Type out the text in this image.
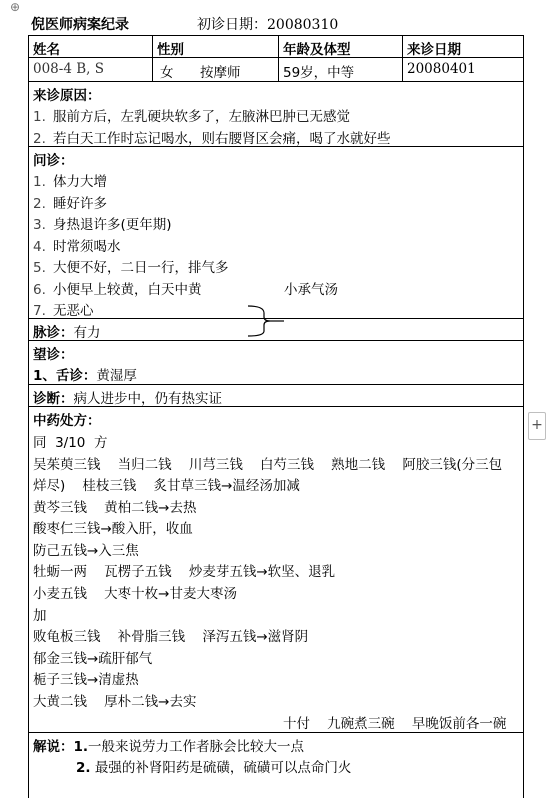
⊕
+
倪医师病案纪录	初诊日期：20080310
姓名	性别	年龄及体型	来诊日期
008-4 B, S	女 按摩师	59岁，中等	20080401
来诊原因：
1. 服前方后，左乳硬块软多了，左腋淋巴肿已无感觉
2. 若白天工作时忘记喝水，则右腰肾区会痛，喝了水就好些
问诊：
1. 体力大增
2. 睡好许多
3. 身热退许多(更年期)
4. 时常须喝水
5. 大便不好，二日一行，排气多
6. 小便早上较黄，白天中黄
7. 无恶心
小承气汤
脉诊：有力
望诊：
1、舌诊：黄湿厚
诊断：病人进步中，仍有热实证
中药处方：
同  3/10  方
吴茱萸三钱    当归二钱    川芎三钱    白芍三钱    熟地二钱    阿胶三钱(分三包
烊尽)    桂枝三钱    炙甘草三钱→温经汤加减
黄芩三钱    黄柏二钱→去热
酸枣仁三钱→酸入肝，收血
防己五钱→入三焦
牡蛎一两    瓦楞子五钱    炒麦芽五钱→软坚、退乳
小麦五钱    大枣十枚→甘麦大枣汤
加
败龟板三钱    补骨脂三钱    泽泻五钱→滋肾阴
郁金三钱→疏肝郁气
栀子三钱→清虚热
大黄二钱    厚朴二钱→去实
十付    九碗煮三碗    早晚饭前各一碗
解说：1.一般来说劳力工作者脉会比较大一点
2. 最强的补肾阳药是硫磺，硫磺可以点命门火
